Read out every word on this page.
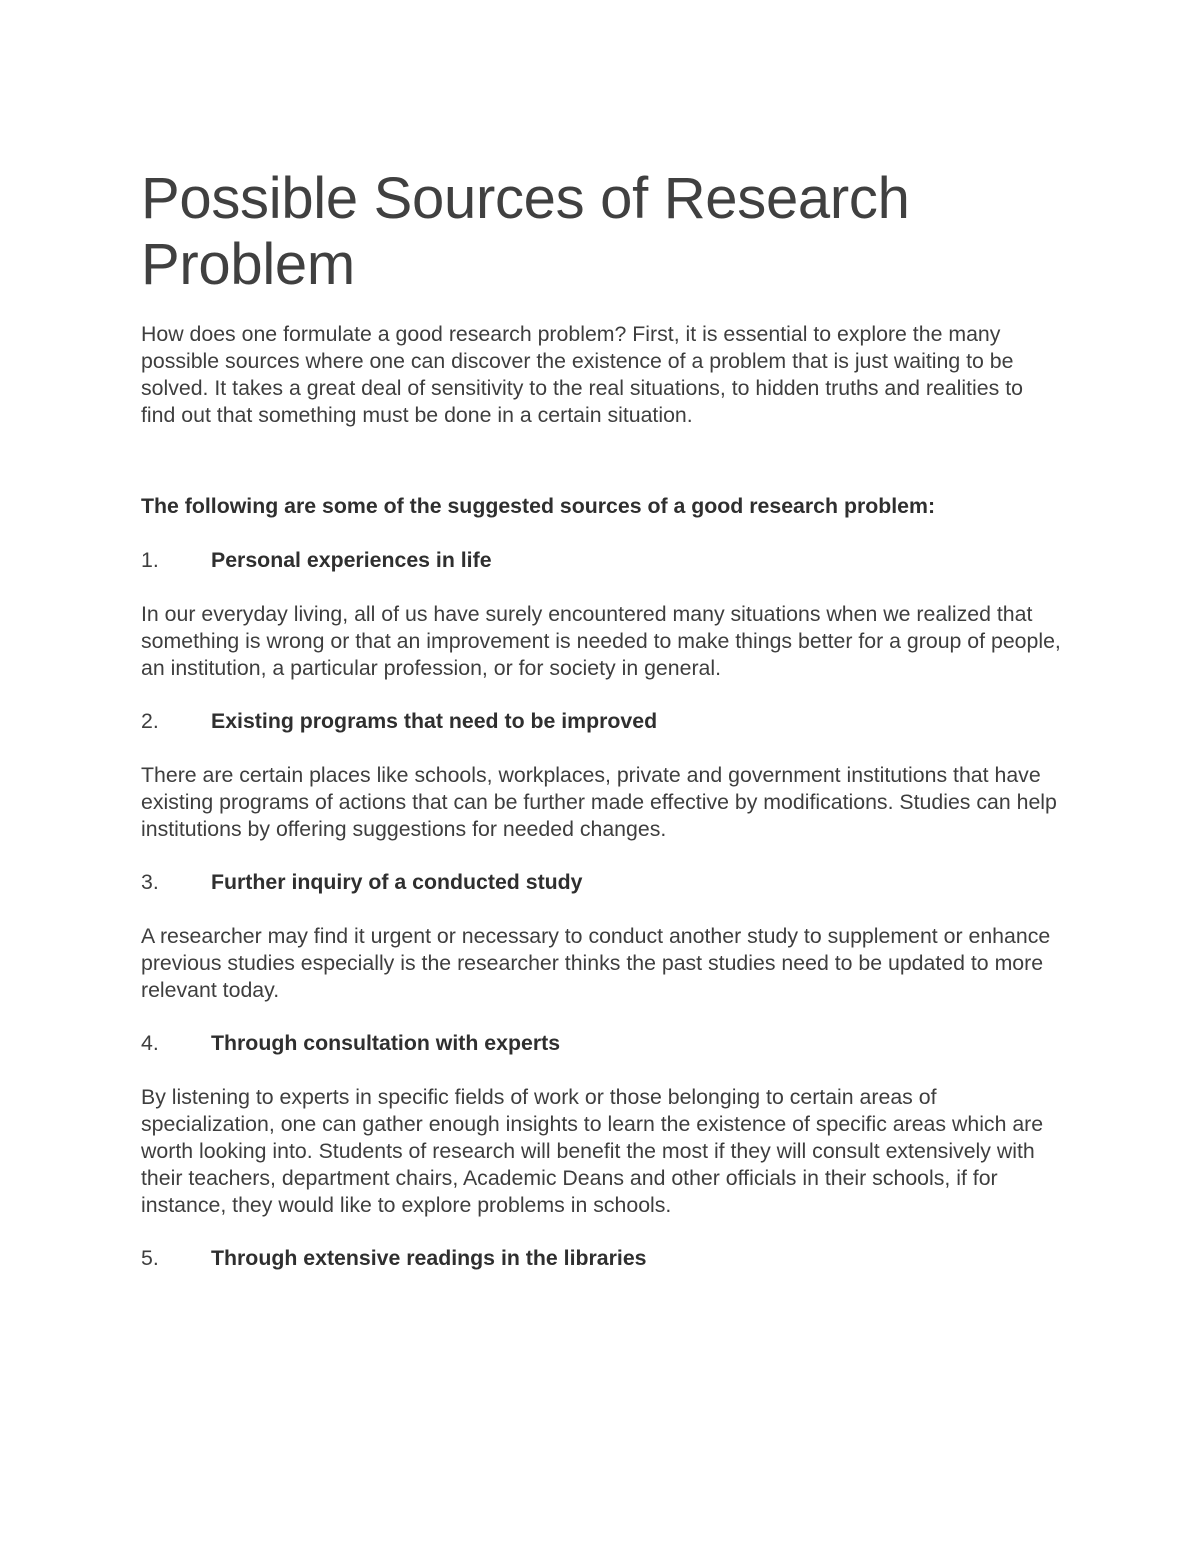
Possible Sources of Research Problem

How does one formulate a good research problem? First, it is essential to explore the many possible sources where one can discover the existence of a problem that is just waiting to be solved. It takes a great deal of sensitivity to the real situations, to hidden truths and realities to find out that something must be done in a certain situation.

The following are some of the suggested sources of a good research problem:

1.	Personal experiences in life

In our everyday living, all of us have surely encountered many situations when we realized that something is wrong or that an improvement is needed to make things better for a group of people, an institution, a particular profession, or for society in general.

2.	Existing programs that need to be improved

There are certain places like schools, workplaces, private and government institutions that have existing programs of actions that can be further made effective by modifications. Studies can help institutions by offering suggestions for needed changes.

3.	Further inquiry of a conducted study

A researcher may find it urgent or necessary to conduct another study to supplement or enhance previous studies especially is the researcher thinks the past studies need to be updated to more relevant today.

4.	Through consultation with experts

By listening to experts in specific fields of work or those belonging to certain areas of specialization, one can gather enough insights to learn the existence of specific areas which are worth looking into. Students of research will benefit the most if they will consult extensively with their teachers, department chairs, Academic Deans and other officials in their schools, if for instance, they would like to explore problems in schools.

5.	Through extensive readings in the libraries
